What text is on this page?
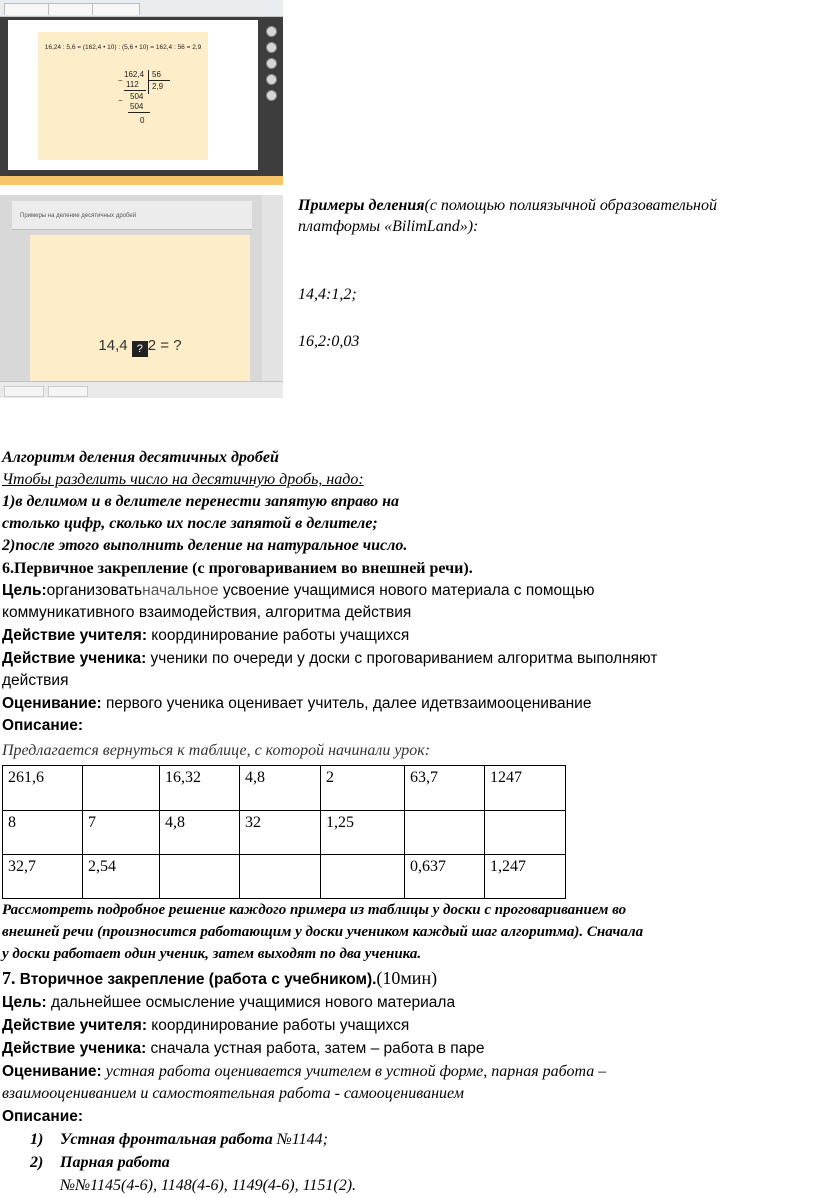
16,24 : 5,6 = (162,4 • 10) : (5,6 • 10) = 162,4 : 56 = 2,9
162,4 56
2,9
− 112
− 504
504
0
Примеры на деление десятичных дробей
14,4 ? 2 = ?
Примеры деления(с помощью полиязычной образовательной
платформы «BilimLand»):
14,4:1,2;
16,2:0,03
Алгоритм деления десятичных дробей
Чтобы разделить число на десятичную дробь, надо:
1)в делимом и в делителе перенести запятую вправо на
столько цифр, сколько их после запятой в делителе;
2)после этого выполнить деление на натуральное число.
6.Первичное закрепление (с проговариванием во внешней речи).
Цель:организоватьначальное усвоение учащимися нового материала с помощью
коммуникативного взаимодействия, алгоритма действия
Действие учителя: координирование работы учащихся
Действие ученика: ученики по очереди у доски с проговариванием алгоритма выполняют
действия
Оценивание: первого ученика оценивает учитель, далее идетвзаимооценивание
Описание:
Предлагается вернуться к таблице, с которой начинали урок:
261,6		16,32	4,8	2	63,7	1247
8	7	4,8	32	1,25		
32,7	2,54				0,637	1,247
Рассмотреть подробное решение каждого примера из таблицы у доски с проговариванием во
внешней речи (произносится работающим у доски учеником каждый шаг алгоритма). Сначала
у доски работает один ученик, затем выходят по два ученика.
7. Вторичное закрепление (работа с учебником).(10мин)
Цель: дальнейшее осмысление учащимися нового материала
Действие учителя: координирование работы учащихся
Действие ученика: сначала устная работа, затем – работа в паре
Оценивание: устная работа оценивается учителем в устной форме, парная работа –
взаимооцениванием и самостоятельная работа - самооцениванием
Описание:
1) Устная фронтальная работа №1144;
2) Парная работа
№№1145(4-6), 1148(4-6), 1149(4-6), 1151(2).
